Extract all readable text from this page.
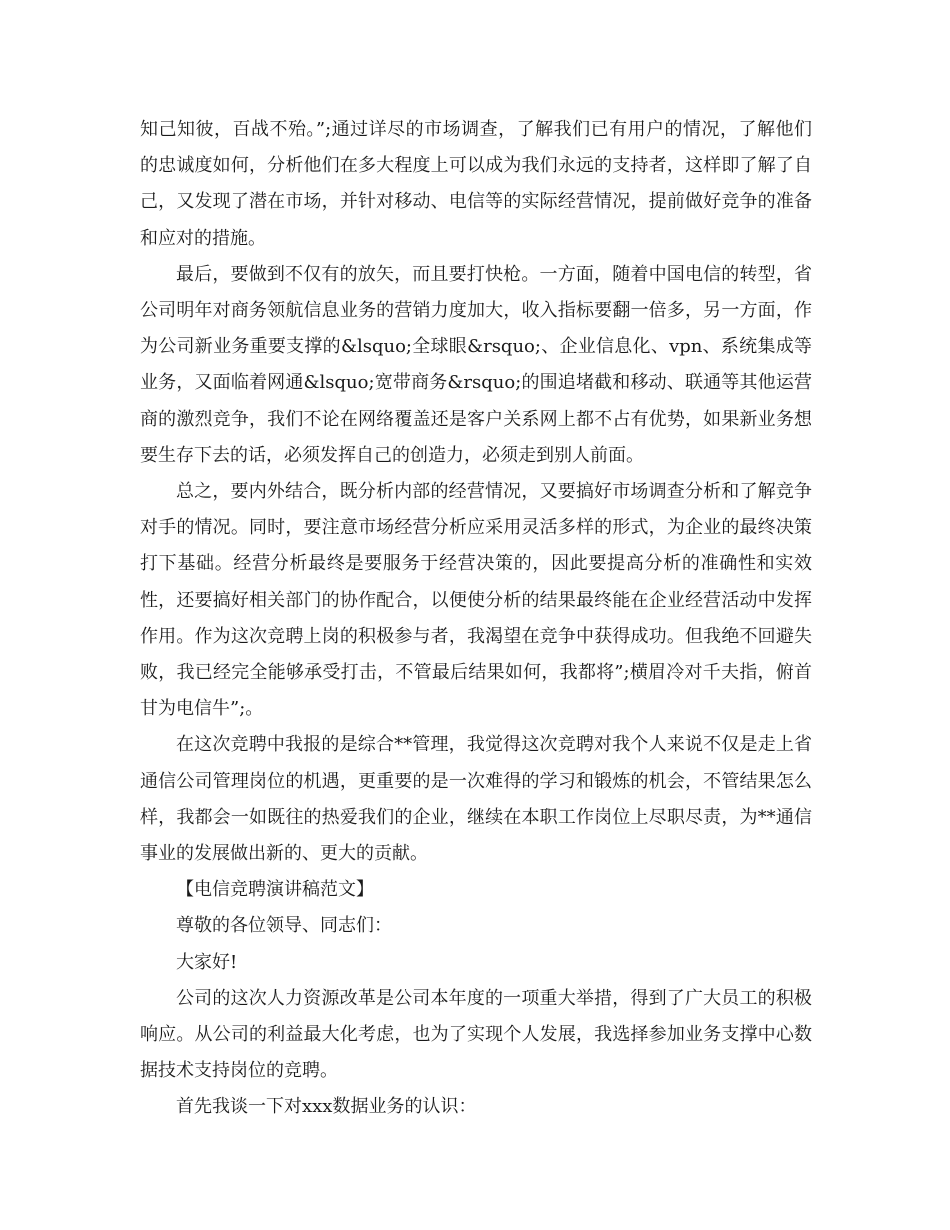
知己知彼，百战不殆。”;通过详尽的市场调查，了解我们已有用户的情况，了解他们的忠诚度如何，分析他们在多大程度上可以成为我们永远的支持者，这样即了解了自己，又发现了潜在市场，并针对移动、电信等的实际经营情况，提前做好竞争的准备和应对的措施。

最后，要做到不仅有的放矢，而且要打快枪。一方面，随着中国电信的转型，省公司明年对商务领航信息业务的营销力度加大，收入指标要翻一倍多，另一方面，作为公司新业务重要支撑的&lsquo;全球眼&rsquo;、企业信息化、vpn、系统集成等业务，又面临着网通&lsquo;宽带商务&rsquo;的围追堵截和移动、联通等其他运营商的激烈竞争，我们不论在网络覆盖还是客户关系网上都不占有优势，如果新业务想要生存下去的话，必须发挥自己的创造力，必须走到别人前面。

总之，要内外结合，既分析内部的经营情况，又要搞好市场调查分析和了解竞争对手的情况。同时，要注意市场经营分析应采用灵活多样的形式，为企业的最终决策打下基础。经营分析最终是要服务于经营决策的，因此要提高分析的准确性和实效性，还要搞好相关部门的协作配合，以便使分析的结果最终能在企业经营活动中发挥作用。作为这次竞聘上岗的积极参与者，我渴望在竞争中获得成功。但我绝不回避失败，我已经完全能够承受打击，不管最后结果如何，我都将”;横眉冷对千夫指，俯首甘为电信牛”;。

在这次竞聘中我报的是综合**管理，我觉得这次竞聘对我个人来说不仅是走上省通信公司管理岗位的机遇，更重要的是一次难得的学习和锻炼的机会，不管结果怎么样，我都会一如既往的热爱我们的企业，继续在本职工作岗位上尽职尽责，为**通信事业的发展做出新的、更大的贡献。

【电信竞聘演讲稿范文】

尊敬的各位领导、同志们：

大家好!

公司的这次人力资源改革是公司本年度的一项重大举措，得到了广大员工的积极响应。从公司的利益最大化考虑，也为了实现个人发展，我选择参加业务支撑中心数据技术支持岗位的竞聘。

首先我谈一下对xxx数据业务的认识：
